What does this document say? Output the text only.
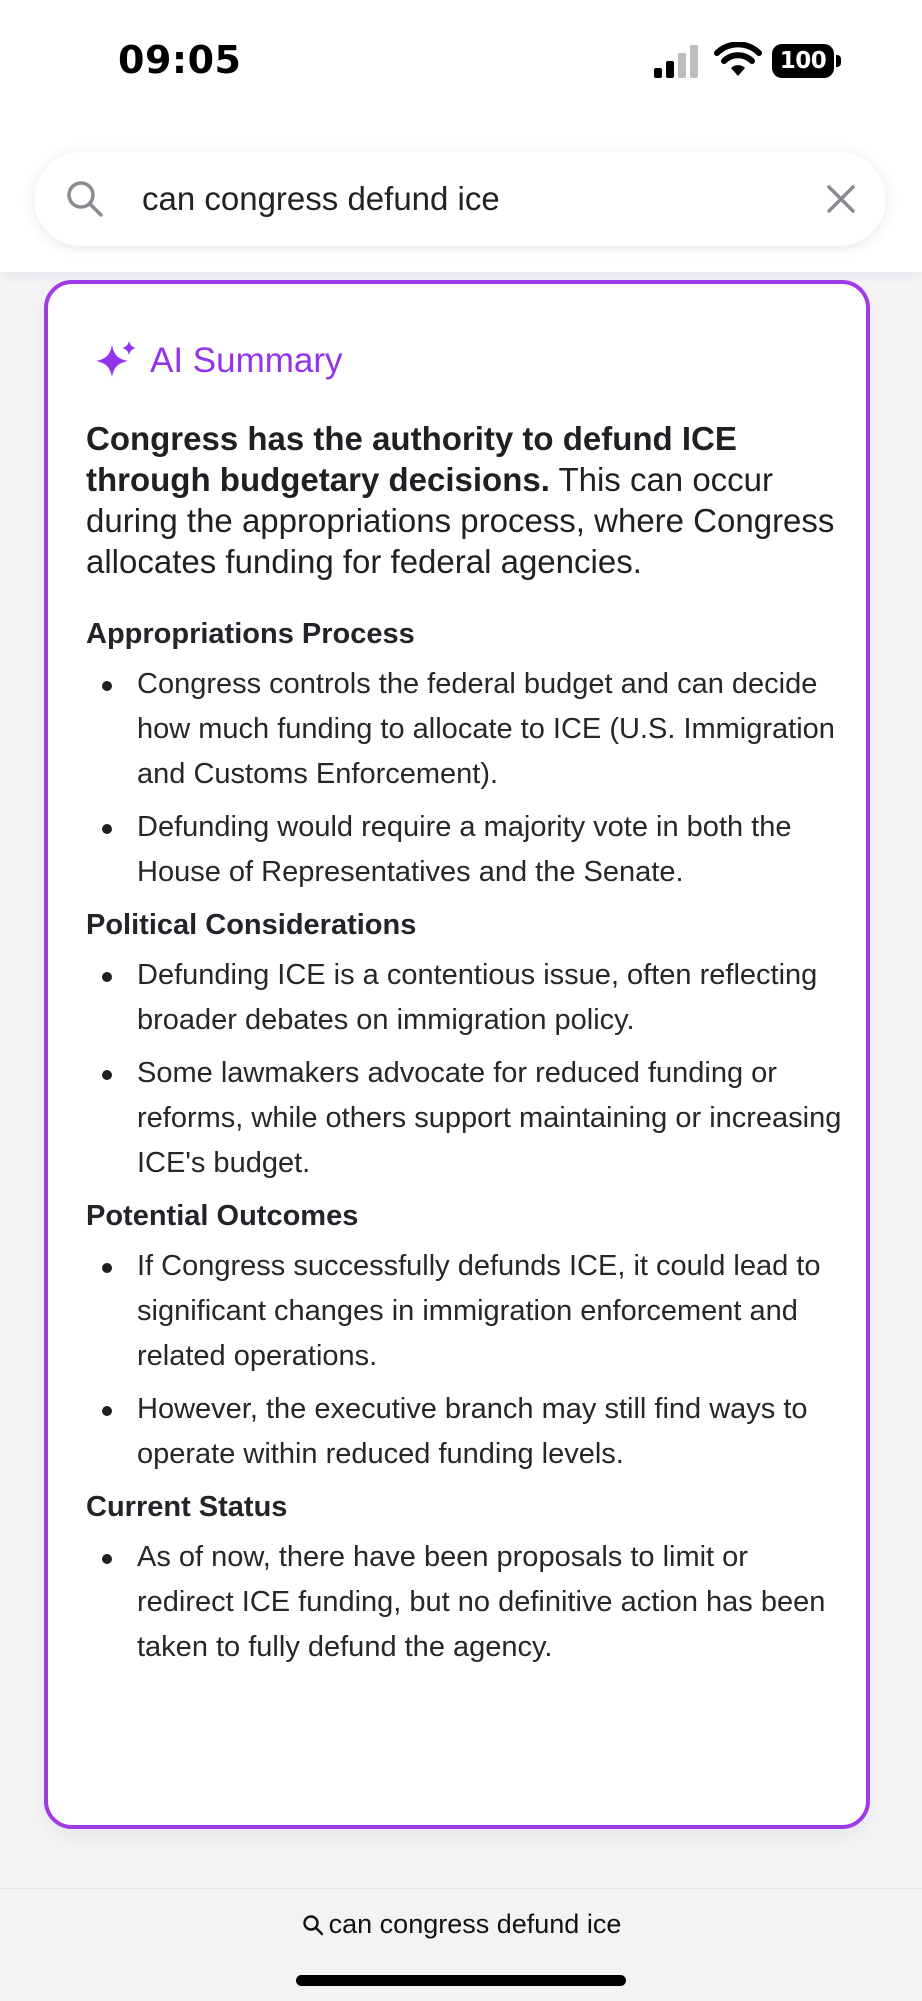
09:05	100
can congress defund ice
AI Summary

Congress has the authority to defund ICE through budgetary decisions. This can occur during the appropriations process, where Congress allocates funding for federal agencies.

Appropriations Process
Congress controls the federal budget and can decide how much funding to allocate to ICE (U.S. Immigration and Customs Enforcement).
Defunding would require a majority vote in both the House of Representatives and the Senate.
Political Considerations
Defunding ICE is a contentious issue, often reflecting broader debates on immigration policy.
Some lawmakers advocate for reduced funding or reforms, while others support maintaining or increasing ICE's budget.
Potential Outcomes
If Congress successfully defunds ICE, it could lead to significant changes in immigration enforcement and related operations.
However, the executive branch may still find ways to operate within reduced funding levels.
Current Status
As of now, there have been proposals to limit or redirect ICE funding, but no definitive action has been taken to fully defund the agency.
can congress defund ice
